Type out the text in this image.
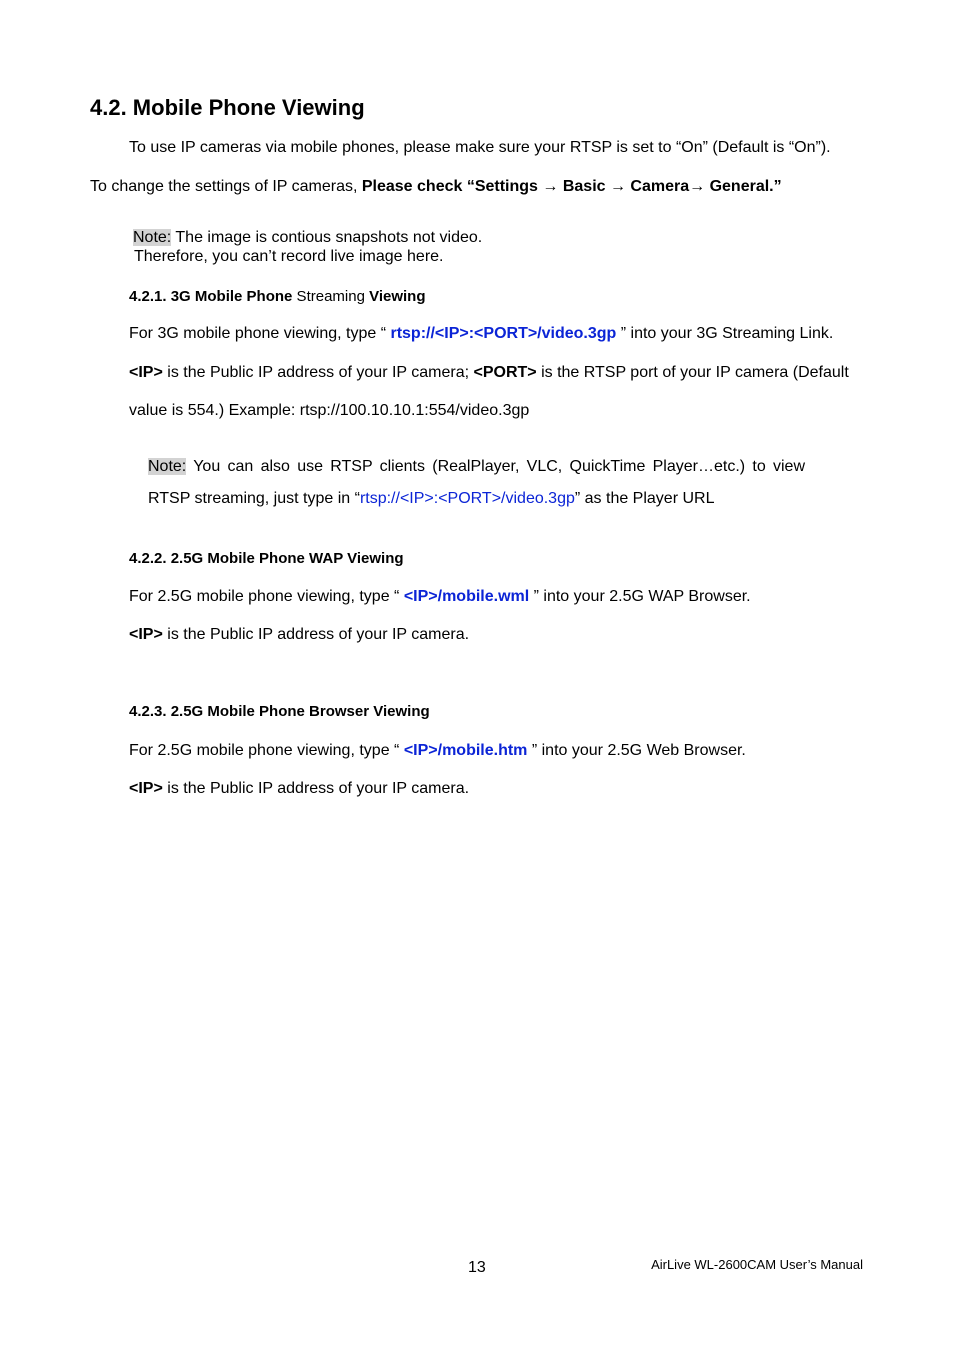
4.2. Mobile Phone Viewing
To use IP cameras via mobile phones, please make sure your RTSP is set to “On” (Default is “On”).
To change the settings of IP cameras, Please check “Settings → Basic → Camera→ General.”
Note: The image is contious snapshots not video.
Therefore, you can’t record live image here.
4.2.1. 3G Mobile Phone Streaming Viewing
For 3G mobile phone viewing, type “ rtsp://<IP>:<PORT>/video.3gp ” into your 3G Streaming Link.
<IP> is the Public IP address of your IP camera; <PORT> is the RTSP port of your IP camera (Default
value is 554.) Example: rtsp://100.10.10.1:554/video.3gp
Note: You can also use RTSP clients (RealPlayer, VLC, QuickTime Player…etc.) to view
RTSP streaming, just type in “rtsp://<IP>:<PORT>/video.3gp” as the Player URL
4.2.2. 2.5G Mobile Phone WAP Viewing
For 2.5G mobile phone viewing, type “ <IP>/mobile.wml ” into your 2.5G WAP Browser.
<IP> is the Public IP address of your IP camera.
4.2.3. 2.5G Mobile Phone Browser Viewing
For 2.5G mobile phone viewing, type “ <IP>/mobile.htm ” into your 2.5G Web Browser.
<IP> is the Public IP address of your IP camera.
13	AirLive WL-2600CAM User’s Manual
